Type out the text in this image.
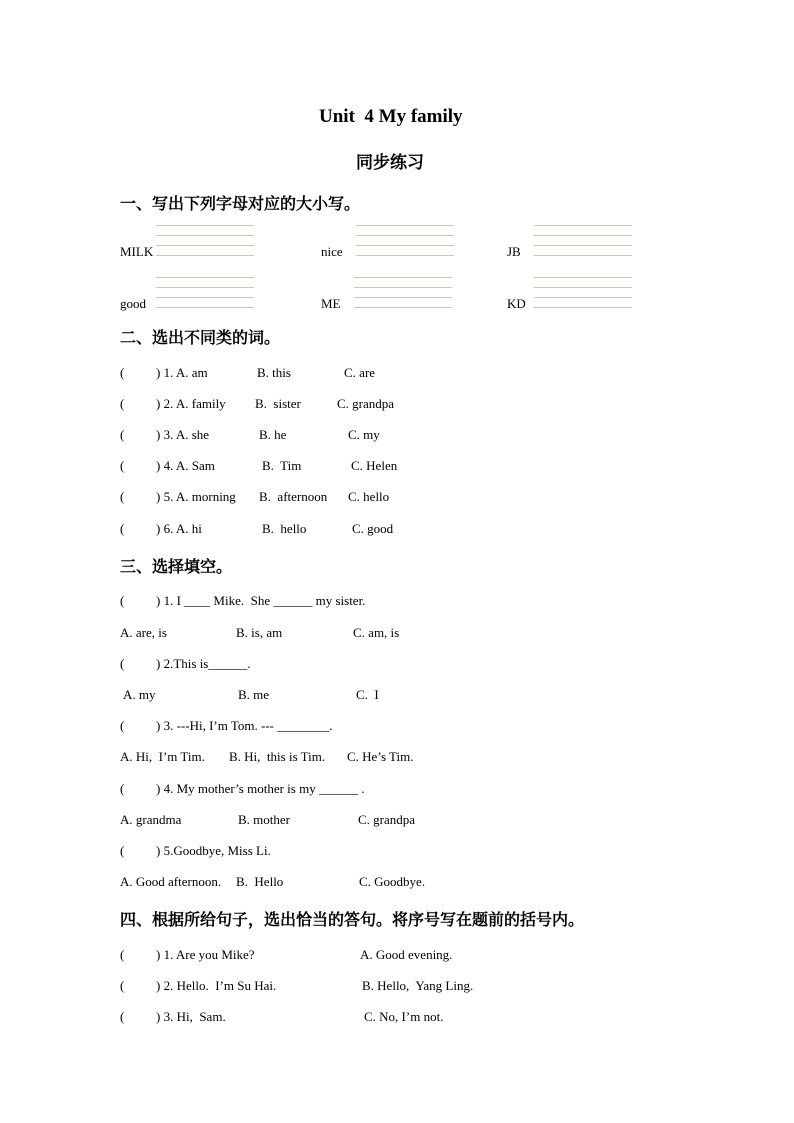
Unit  4 My family
同步练习
一、写出下列字母对应的大小写。
MILK	nice	JB
good	ME	KD
二、选出不同类的词。
( ) 1. A. am	B. this	C. are
( ) 2. A. family B.  sister	C. grandpa
( ) 3. A. she	B. he	C. my
( ) 4. A. Sam	B.  Tim	C. Helen
( ) 5. A. morning B.  afternoon C. hello
( ) 6. A. hi	B.  hello	C. good
三、选择填空。
( ) 1. I ____ Mike.  She ______ my sister.
A. are, is	B. is, am	C. am, is
( ) 2.This is______.
A. my	B. me	C.  I
( ) 3. ---Hi, I’m Tom. --- ________.
A. Hi,  I’m Tim. B. Hi,  this is Tim. C. He’s Tim.
( ) 4. My mother’s mother is my ______ .
A. grandma	B. mother	C. grandpa
( ) 5.Goodbye, Miss Li.
A. Good afternoon. B.  Hello	C. Goodbye.
四、根据所给句子，选出恰当的答句。将序号写在题前的括号内。
( ) 1. Are you Mike?	A. Good evening.
( ) 2. Hello.  I’m Su Hai.	B. Hello,  Yang Ling.
( ) 3. Hi,  Sam.	C. No, I’m not.
